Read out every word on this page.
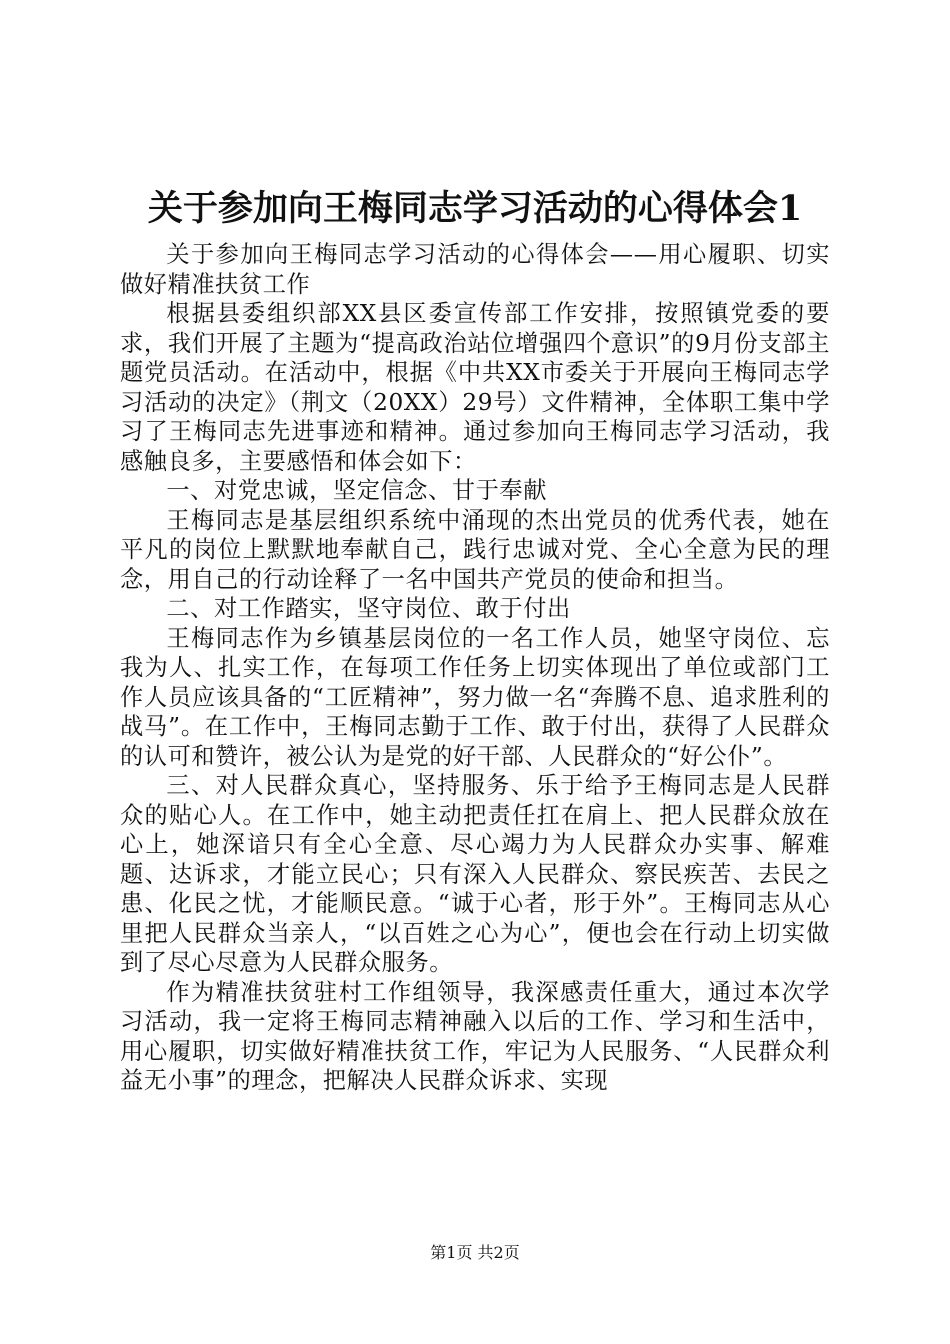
关于参加向王梅同志学习活动的心得体会1

关于参加向王梅同志学习活动的心得体会——用心履职、切实做好精准扶贫工作

根据县委组织部XX县区委宣传部工作安排，按照镇党委的要求，我们开展了主题为“提高政治站位增强四个意识”的9月份支部主题党员活动。在活动中，根据《中共XX市委关于开展向王梅同志学习活动的决定》（荆文（20XX）29号）文件精神，全体职工集中学习了王梅同志先进事迹和精神。通过参加向王梅同志学习活动，我感触良多，主要感悟和体会如下：

一、对党忠诚，坚定信念、甘于奉献

王梅同志是基层组织系统中涌现的杰出党员的优秀代表，她在平凡的岗位上默默地奉献自己，践行忠诚对党、全心全意为民的理念，用自己的行动诠释了一名中国共产党员的使命和担当。

二、对工作踏实，坚守岗位、敢于付出

王梅同志作为乡镇基层岗位的一名工作人员，她坚守岗位、忘我为人、扎实工作，在每项工作任务上切实体现出了单位或部门工作人员应该具备的“工匠精神”，努力做一名“奔腾不息、追求胜利的战马”。在工作中，王梅同志勤于工作、敢于付出，获得了人民群众的认可和赞许，被公认为是党的好干部、人民群众的“好公仆”。

三、对人民群众真心，坚持服务、乐于给予王梅同志是人民群众的贴心人。在工作中，她主动把责任扛在肩上、把人民群众放在心上，她深谙只有全心全意、尽心竭力为人民群众办实事、解难题、达诉求，才能立民心；只有深入人民群众、察民疾苦、去民之患、化民之忧，才能顺民意。“诚于心者，形于外”。王梅同志从心里把人民群众当亲人，“以百姓之心为心”，便也会在行动上切实做到了尽心尽意为人民群众服务。

作为精准扶贫驻村工作组领导，我深感责任重大，通过本次学习活动，我一定将王梅同志精神融入以后的工作、学习和生活中，用心履职，切实做好精准扶贫工作，牢记为人民服务、“人民群众利益无小事”的理念，把解决人民群众诉求、实现

第1页 共2页
